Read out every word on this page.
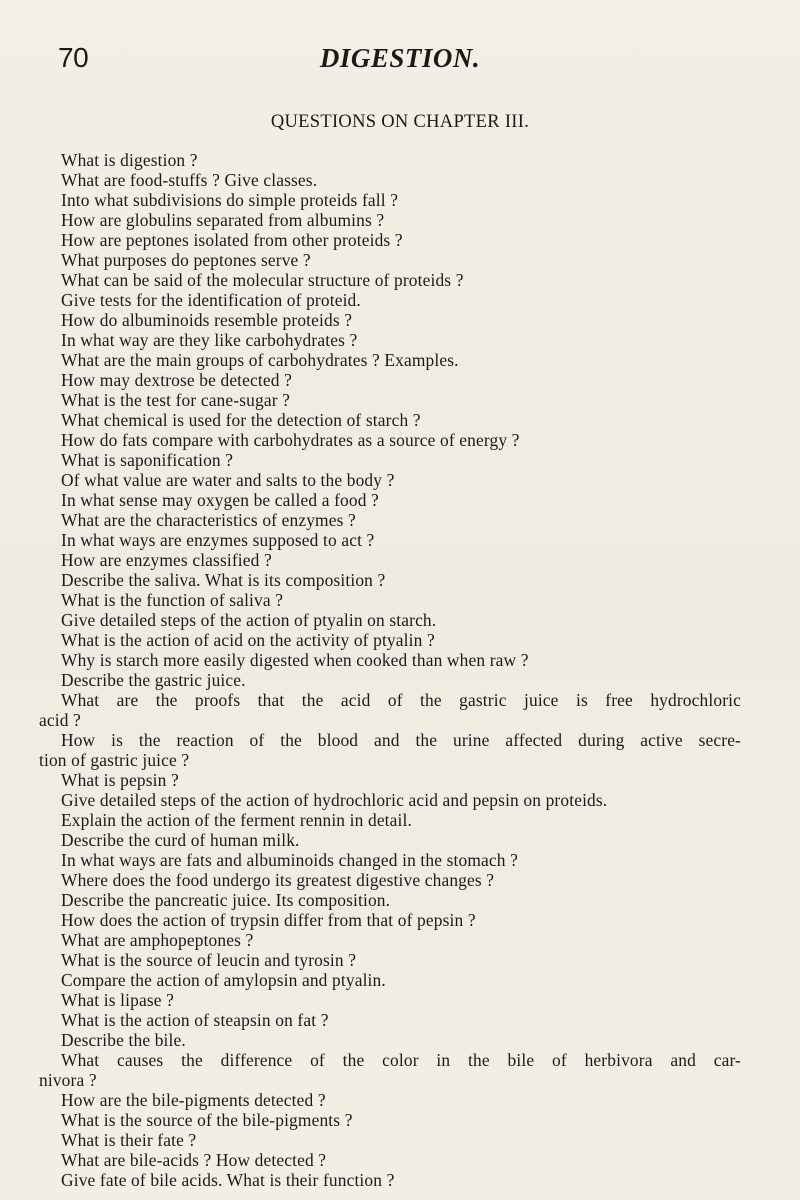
70	DIGESTION.
QUESTIONS ON CHAPTER III.
What is digestion ?
What are food-stuffs ? Give classes.
Into what subdivisions do simple proteids fall ?
How are globulins separated from albumins ?
How are peptones isolated from other proteids ?
What purposes do peptones serve ?
What can be said of the molecular structure of proteids ?
Give tests for the identification of proteid.
How do albuminoids resemble proteids ?
In what way are they like carbohydrates ?
What are the main groups of carbohydrates ? Examples.
How may dextrose be detected ?
What is the test for cane-sugar ?
What chemical is used for the detection of starch ?
How do fats compare with carbohydrates as a source of energy ?
What is saponification ?
Of what value are water and salts to the body ?
In what sense may oxygen be called a food ?
What are the characteristics of enzymes ?
In what ways are enzymes supposed to act ?
How are enzymes classified ?
Describe the saliva. What is its composition ?
What is the function of saliva ?
Give detailed steps of the action of ptyalin on starch.
What is the action of acid on the activity of ptyalin ?
Why is starch more easily digested when cooked than when raw ?
Describe the gastric juice.
What are the proofs that the acid of the gastric juice is free hydrochloric
acid ?
How is the reaction of the blood and the urine affected during active secre-
tion of gastric juice ?
What is pepsin ?
Give detailed steps of the action of hydrochloric acid and pepsin on proteids.
Explain the action of the ferment rennin in detail.
Describe the curd of human milk.
In what ways are fats and albuminoids changed in the stomach ?
Where does the food undergo its greatest digestive changes ?
Describe the pancreatic juice. Its composition.
How does the action of trypsin differ from that of pepsin ?
What are amphopeptones ?
What is the source of leucin and tyrosin ?
Compare the action of amylopsin and ptyalin.
What is lipase ?
What is the action of steapsin on fat ?
Describe the bile.
What causes the difference of the color in the bile of herbivora and car-
nivora ?
How are the bile-pigments detected ?
What is the source of the bile-pigments ?
What is their fate ?
What are bile-acids ? How detected ?
Give fate of bile acids. What is their function ?
